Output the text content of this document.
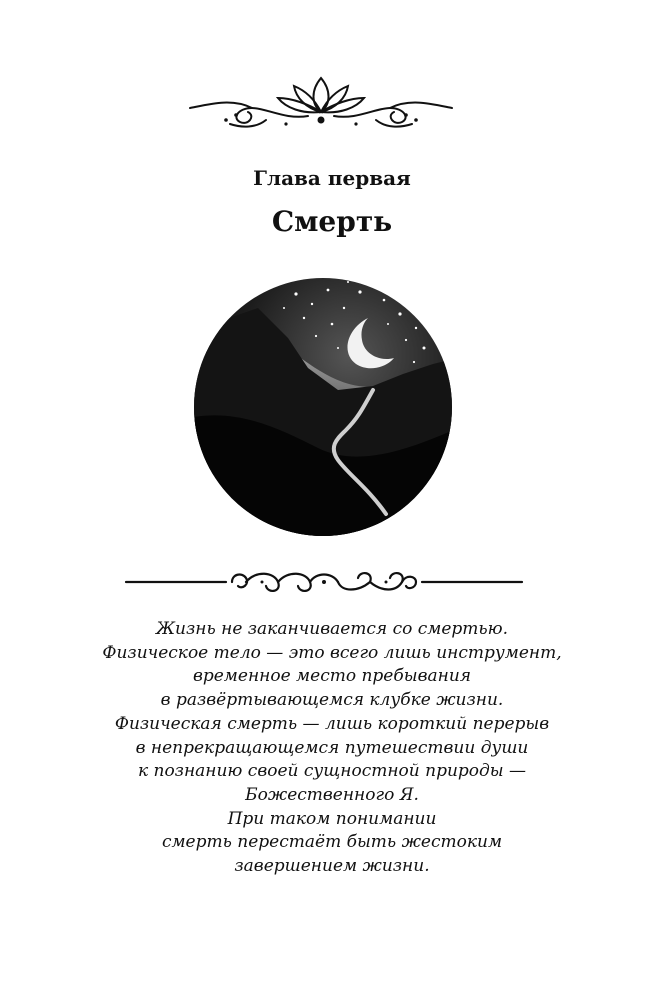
Глава первая
Смерть
Жизнь не заканчивается со смертью.
Физическое тело — это всего лишь инструмент,
временное место пребывания
в развёртывающемся клубке жизни.
Физическая смерть — лишь короткий перерыв
в непрекращающемся путешествии души
к познанию своей сущностной природы —
Божественного Я.
При таком понимании
смерть перестаёт быть жестоким
завершением жизни.
